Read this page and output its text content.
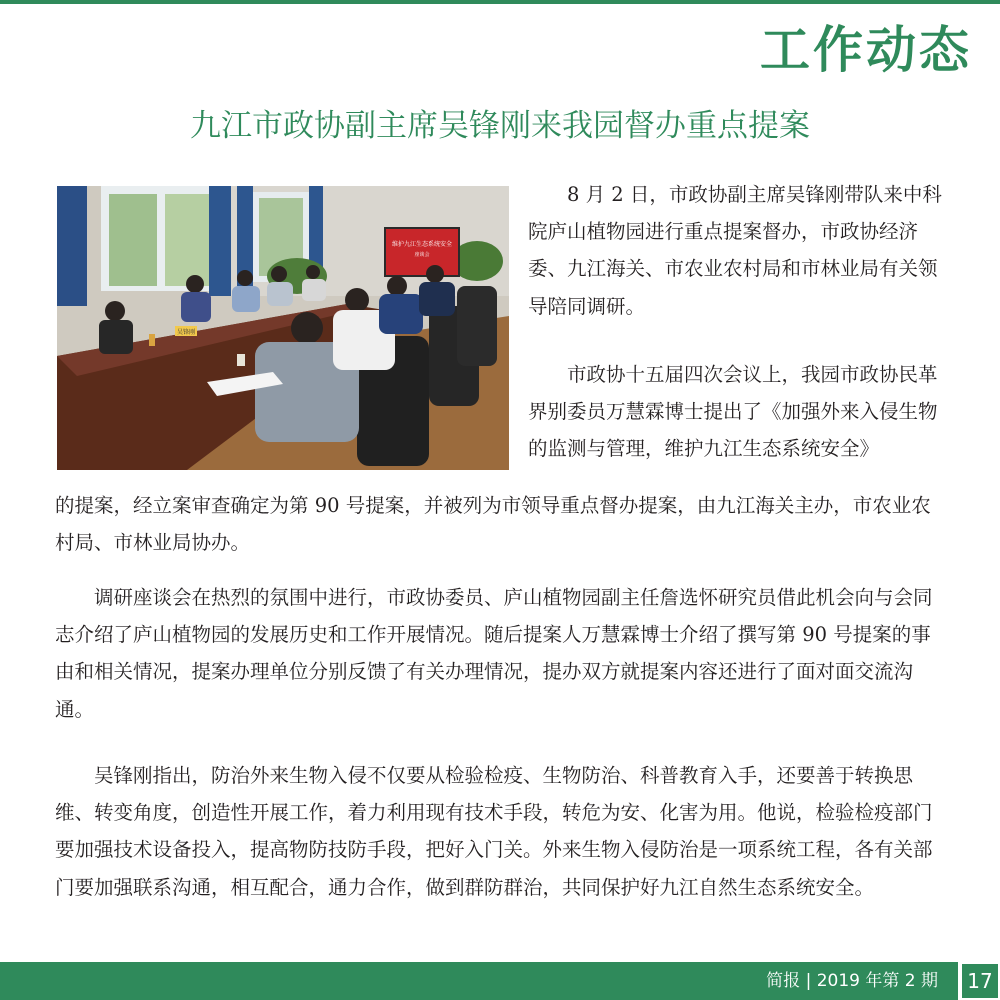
工作动态
九江市政协副主席吴锋刚来我园督办重点提案
维护九江生态系统安全
座谈会
吴锋刚

8 月 2 日，市政协副主席吴锋刚带队来中科院庐山植物园进行重点提案督办，市政协经济委、九江海关、市农业农村局和市林业局有关领导陪同调研。

市政协十五届四次会议上，我园市政协民革界别委员万慧霖博士提出了《加强外来入侵生物的监测与管理，维护九江生态系统安全》

的提案，经立案审查确定为第 90 号提案，并被列为市领导重点督办提案，由九江海关主办，市农业农村局、市林业局协办。

调研座谈会在热烈的氛围中进行，市政协委员、庐山植物园副主任詹选怀研究员借此机会向与会同志介绍了庐山植物园的发展历史和工作开展情况。随后提案人万慧霖博士介绍了撰写第 90 号提案的事由和相关情况，提案办理单位分别反馈了有关办理情况，提办双方就提案内容还进行了面对面交流沟通。

吴锋刚指出，防治外来生物入侵不仅要从检验检疫、生物防治、科普教育入手，还要善于转换思维、转变角度，创造性开展工作，着力利用现有技术手段，转危为安、化害为用。他说，检验检疫部门要加强技术设备投入，提高物防技防手段，把好入门关。外来生物入侵防治是一项系统工程，各有关部门要加强联系沟通，相互配合，通力合作，做到群防群治，共同保护好九江自然生态系统安全。

简报 | 2019 年第 2 期 17
